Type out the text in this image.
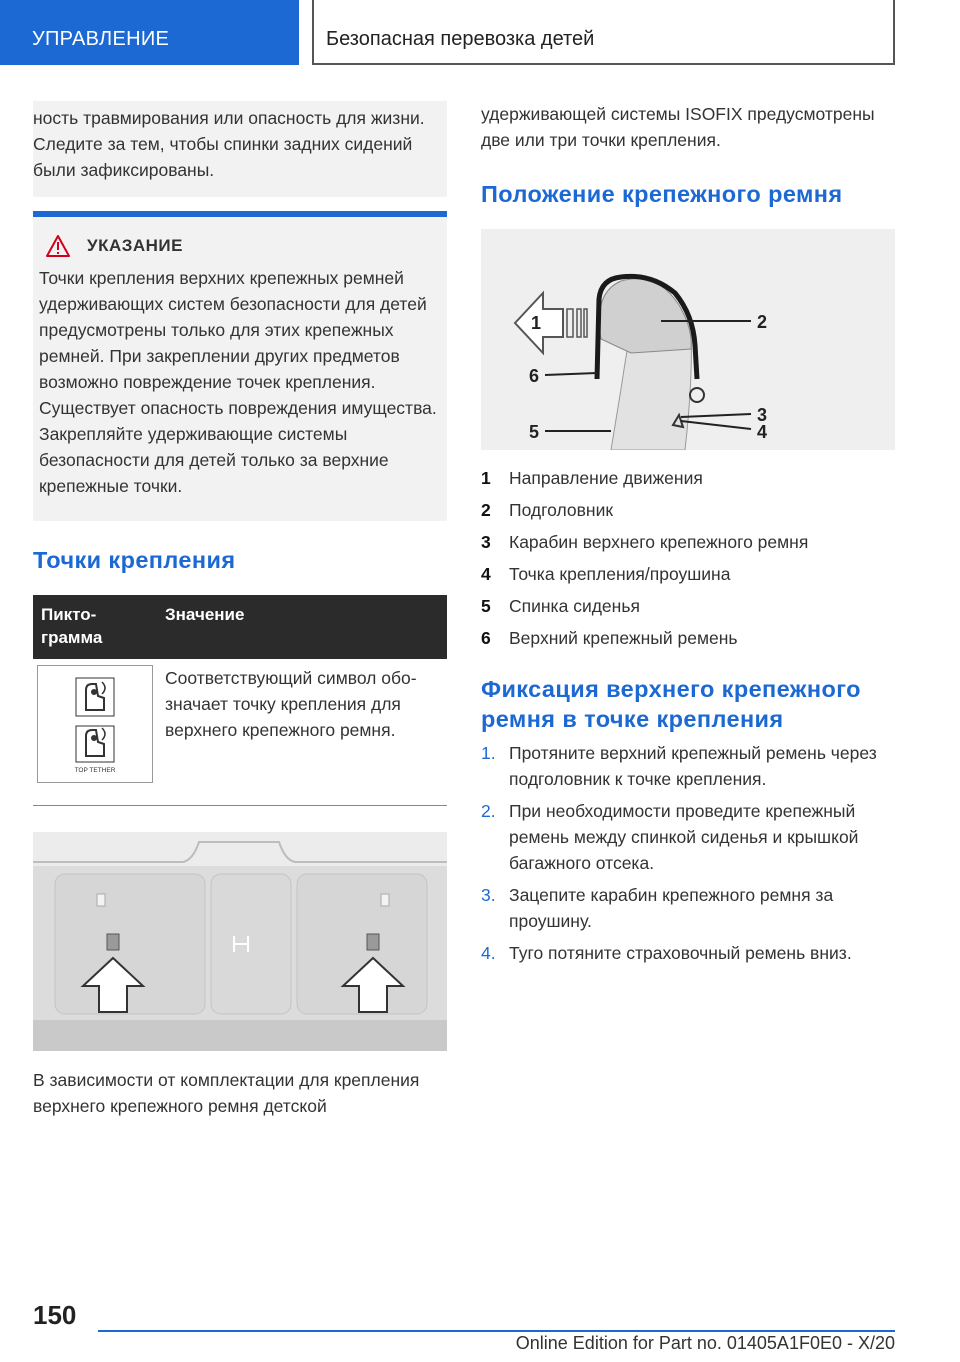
УПРАВЛЕНИЕ	Безопасная перевозка детей

ность травмирования или опасность для жизни. Следите за тем, чтобы спинки задних сидений были зафиксированы.

УКАЗАНИЕ

Точки крепления верхних крепежных ремней удерживающих систем безопасности для детей предусмотрены только для этих крепежных ремней. При закреплении других предметов возможно повреждение точек крепления. Существует опасность повреждения имущества. Закрепляйте удерживающие системы безопасности для детей только за верхние крепежные точки.

Точки крепления
Пиктограмма	Значение

TOP TETHER	Соответствующий символ обозначает точку крепления для верхнего крепежного ремня.

В зависимости от комплектации для крепления верхнего крепежного ремня детской

удерживающей системы ISOFIX предусмотрены две или три точки крепления.

Положение крепежного ремня
1	2
3
4
5
6
1	Направление движения
2	Подголовник
3	Карабин верхнего крепежного ремня
4	Точка крепления/проушина
5	Спинка сиденья
6	Верхний крепежный ремень
Фиксация верхнего крепежного ремня в точке крепления
1. Протяните верхний крепежный ремень через подголовник к точке крепления.
2. При необходимости проведите крепежный ремень между спинкой сиденья и крышкой багажного отсека.
3. Зацепите карабин крепежного ремня за проушину.
4. Туго потяните страховочный ремень вниз.
150
Online Edition for Part no. 01405A1F0E0 - X/20
